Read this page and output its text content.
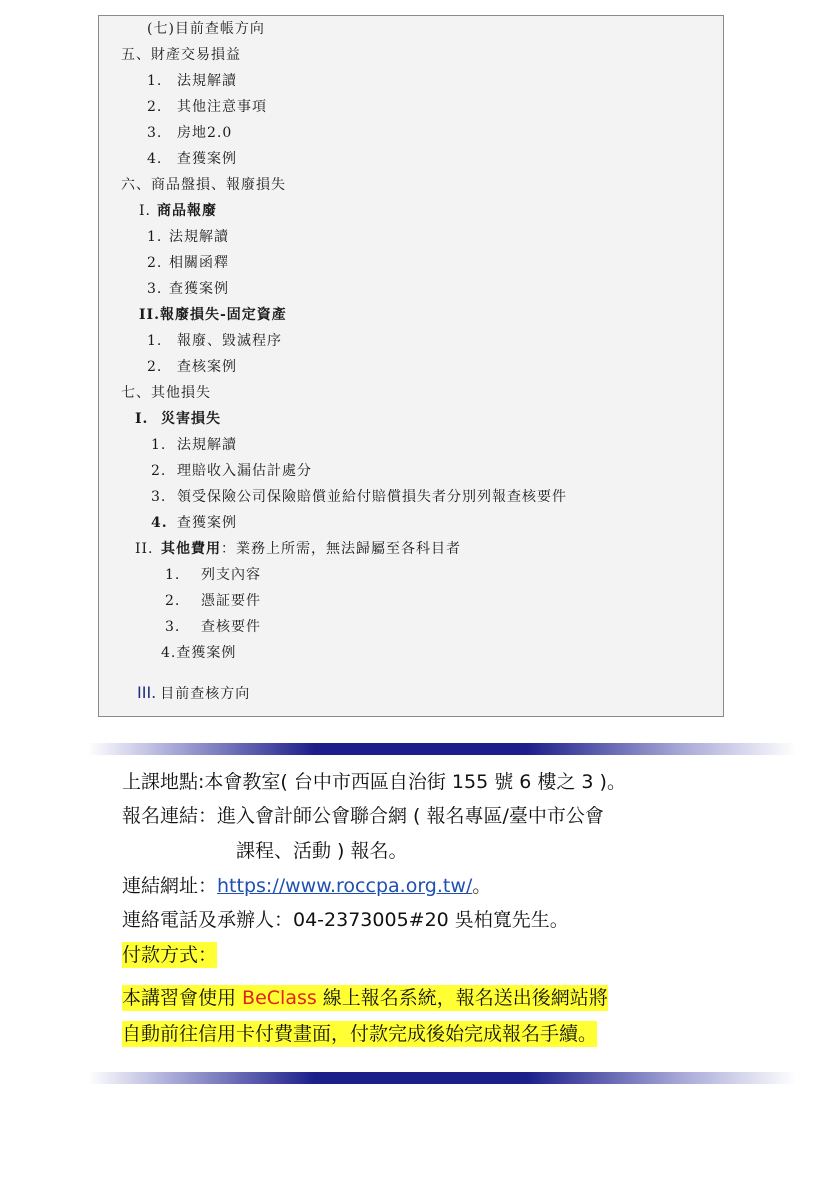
(七)目前查帳方向
五、財產交易損益
1. 法規解讀
2. 其他注意事項
3. 房地2.0
4. 查獲案例
六、商品盤損、報廢損失
I. 商品報廢
1. 法規解讀
2. 相關函釋
3. 查獲案例
II.報廢損失-固定資產
1. 報廢、毀滅程序
2. 查核案例
七、其他損失
I. 災害損失
1. 法規解讀
2. 理賠收入漏估計處分
3. 領受保險公司保險賠償並給付賠償損失者分別列報查核要件
4. 查獲案例
II. 其他費用：業務上所需，無法歸屬至各科目者
1. 列支內容
2. 憑証要件
3. 查核要件
4.查獲案例
III. 目前查核方向
上課地點:本會教室( 台中市西區自治街 155 號 6 樓之 3 )。
報名連結：進入會計師公會聯合網 ( 報名專區/臺中市公會
課程、活動 ) 報名。
連結網址：https://www.roccpa.org.tw/。
連絡電話及承辦人：04-2373005#20 吳柏寬先生。
付款方式：
本講習會使用 BeClass 線上報名系統，報名送出後網站將
自動前往信用卡付費畫面，付款完成後始完成報名手續。
